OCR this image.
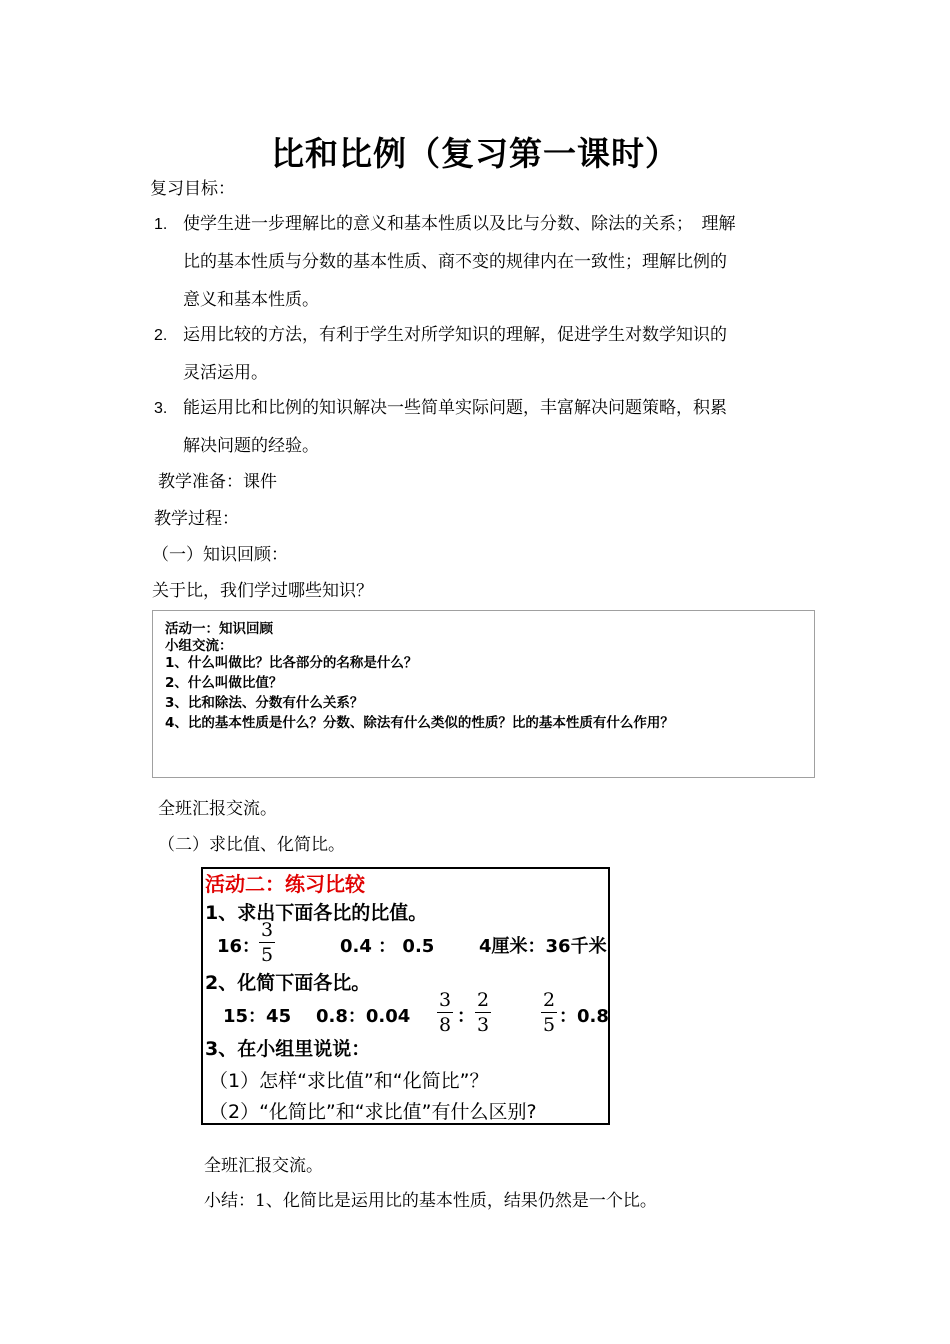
比和比例（复习第一课时）
复习目标：
1. 使学生进一步理解比的意义和基本性质以及比与分数、除法的关系；　理解
比的基本性质与分数的基本性质、商不变的规律内在一致性；理解比例的
意义和基本性质。
2. 运用比较的方法，有利于学生对所学知识的理解，促进学生对数学知识的
灵活运用。
3. 能运用比和比例的知识解决一些简单实际问题，丰富解决问题策略，积累
解决问题的经验。
教学准备：课件
教学过程：
（一）知识回顾：
关于比，我们学过哪些知识？
活动一：知识回顾
小组交流：
1、什么叫做比？比各部分的名称是什么？
2、什么叫做比值？
3、比和除法、分数有什么关系？
4、比的基本性质是什么？分数、除法有什么类似的性质？比的基本性质有什么作用？
全班汇报交流。
（二）求比值、化简比。
活动二：练习比较
1、求出下面各比的比值。
16：
3
5	0.4 ： 0.5 4厘米：36千米
2、化简下面各比。
15：45 0.8：0.04
3
8 ：
2
3
2
5 ：0.8
3、在小组里说说：
（1）怎样“求比值”和“化简比”？
（2）“化简比”和“求比值”有什么区别?
全班汇报交流。
小结：1、化简比是运用比的基本性质，结果仍然是一个比。
